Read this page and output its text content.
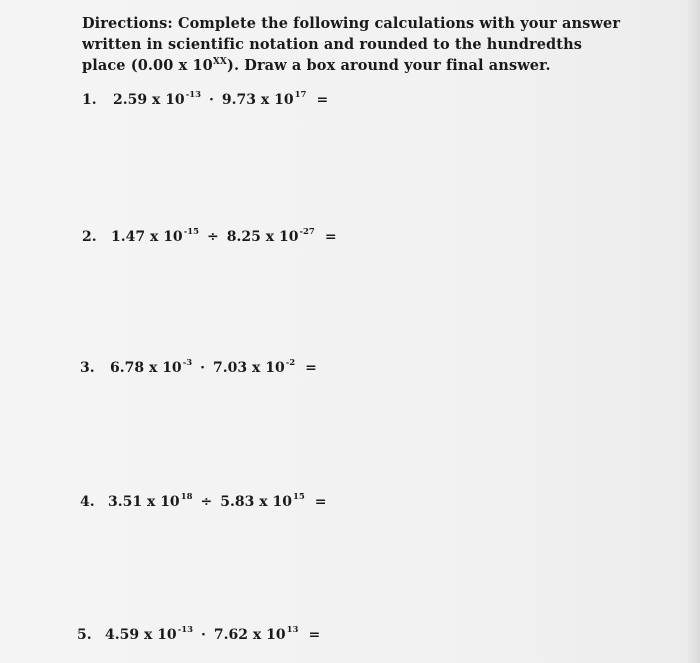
Directions: Complete the following calculations with your answer written in scientific notation and rounded to the hundredths place (0.00 x $10^{XX}$). Draw a box around your final answer.
1.	2.59 x $10^{-13} \cdot 9.73$ x $10^{17}$ =
2.	1.47 x $10^{-15} \div 8.25$ x $10^{-27}$ =
3.	6.78 x $10^{-3} \cdot 7.03$ x $10^{-2}$ =
4. 3.51 x $10^{18} \div 5.83$ x $10^{15}$ =
5. 4.59 x $10^{-13} \cdot 7.62$ x $10^{13}$ =
